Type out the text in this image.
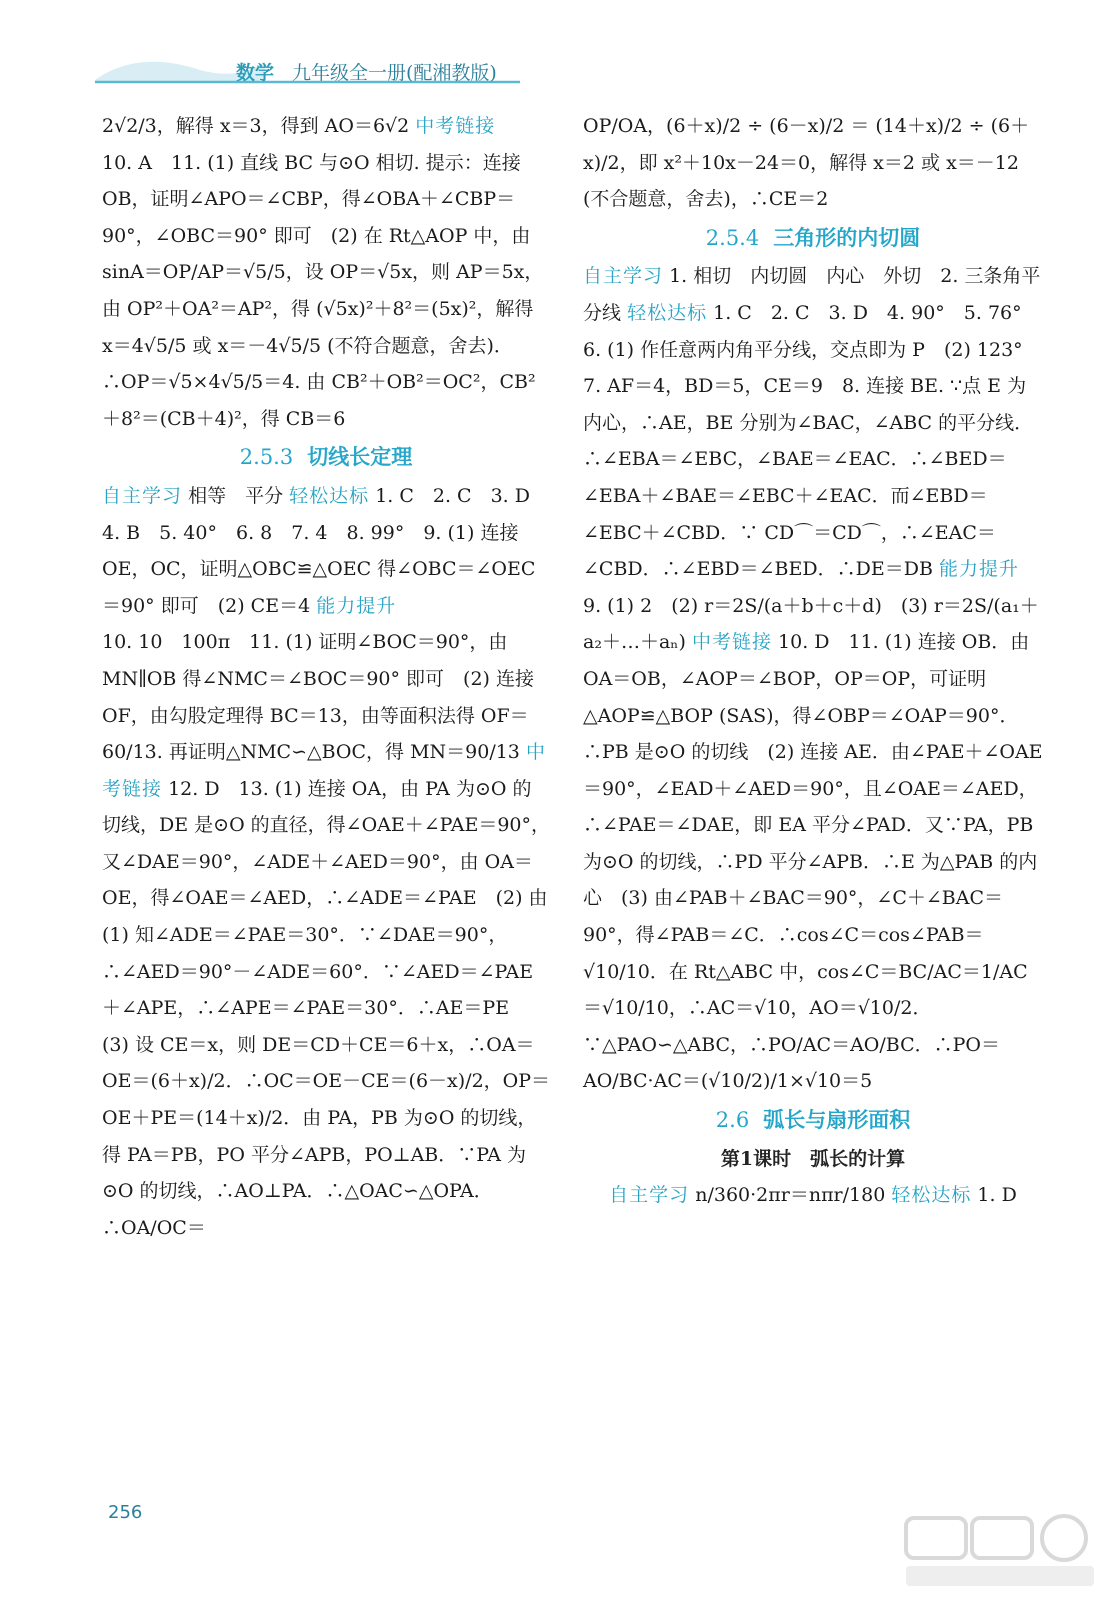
数学 九年级全一册(配湘教版)

2√2/3，解得 x＝3，得到 AO＝6√2 中考链接

10. A　11. (1) 直线 BC 与⊙O 相切. 提示：连接 OB，证明∠APO＝∠CBP，得∠OBA＋∠CBP＝90°，∠OBC＝90° 即可　(2) 在 Rt△AOP 中，由 sinA＝OP/AP＝√5/5，设 OP＝√5x，则 AP＝5x，由 OP²＋OA²＝AP²，得 (√5x)²＋8²＝(5x)²，解得 x＝4√5/5 或 x＝－4√5/5 (不符合题意，舍去)．∴OP＝√5×4√5/5＝4. 由 CB²＋OB²＝OC²，CB²＋8²＝(CB＋4)²，得 CB＝6

2.5.3 切线长定理

自主学习 相等　平分 轻松达标 1. C　2. C　3. D　4. B　5. 40°　6. 8　7. 4　8. 99°　9. (1) 连接 OE，OC，证明△OBC≌△OEC 得∠OBC＝∠OEC＝90° 即可　(2) CE＝4 能力提升

10. 10　100π　11. (1) 证明∠BOC＝90°，由 MN∥OB 得∠NMC＝∠BOC＝90° 即可　(2) 连接 OF，由勾股定理得 BC＝13，由等面积法得 OF＝60/13. 再证明△NMC∽△BOC，得 MN＝90/13 中考链接 12. D　13. (1) 连接 OA，由 PA 为⊙O 的切线，DE 是⊙O 的直径，得∠OAE＋∠PAE＝90°，又∠DAE＝90°，∠ADE＋∠AED＝90°，由 OA＝OE，得∠OAE＝∠AED，∴∠ADE＝∠PAE　(2) 由 (1) 知∠ADE＝∠PAE＝30°．∵∠DAE＝90°，∴∠AED＝90°－∠ADE＝60°．∵∠AED＝∠PAE＋∠APE，∴∠APE＝∠PAE＝30°．∴AE＝PE　(3) 设 CE＝x，则 DE＝CD＋CE＝6＋x，∴OA＝OE＝(6＋x)/2．∴OC＝OE－CE＝(6－x)/2，OP＝OE＋PE＝(14＋x)/2．由 PA，PB 为⊙O 的切线，得 PA＝PB，PO 平分∠APB，PO⊥AB．∵PA 为⊙O 的切线，∴AO⊥PA．∴△OAC∽△OPA．∴OA/OC＝

OP/OA，(6＋x)/2 ÷ (6－x)/2 ＝ (14＋x)/2 ÷ (6＋x)/2，即 x²＋10x－24＝0，解得 x＝2 或 x＝－12 (不合题意，舍去)，∴CE＝2

2.5.4 三角形的内切圆

自主学习 1. 相切　内切圆　内心　外切　2. 三条角平分线 轻松达标 1. C　2. C　3. D　4. 90°　5. 76°　6. (1) 作任意两内角平分线，交点即为 P　(2) 123°　7. AF＝4，BD＝5，CE＝9　8. 连接 BE. ∵点 E 为内心，∴AE，BE 分别为∠BAC，∠ABC 的平分线．∴∠EBA＝∠EBC，∠BAE＝∠EAC．∴∠BED＝∠EBA＋∠BAE＝∠EBC＋∠EAC．而∠EBD＝∠EBC＋∠CBD．∵ CD⌒＝CD⌒，∴∠EAC＝∠CBD．∴∠EBD＝∠BED．∴DE＝DB 能力提升

9. (1) 2　(2) r＝2S/(a＋b＋c＋d)　(3) r＝2S/(a₁＋a₂＋…＋aₙ) 中考链接 10. D　11. (1) 连接 OB．由 OA＝OB，∠AOP＝∠BOP，OP＝OP，可证明△AOP≌△BOP (SAS)，得∠OBP＝∠OAP＝90°．∴PB 是⊙O 的切线　(2) 连接 AE．由∠PAE＋∠OAE＝90°，∠EAD＋∠AED＝90°，且∠OAE＝∠AED，∴∠PAE＝∠DAE，即 EA 平分∠PAD．又∵PA，PB 为⊙O 的切线，∴PD 平分∠APB．∴E 为△PAB 的内心　(3) 由∠PAB＋∠BAC＝90°，∠C＋∠BAC＝90°，得∠PAB＝∠C．∴cos∠C＝cos∠PAB＝√10/10．在 Rt△ABC 中，cos∠C＝BC/AC＝1/AC＝√10/10，∴AC＝√10，AO＝√10/2．∵△PAO∽△ABC，∴PO/AC＝AO/BC．∴PO＝AO/BC·AC＝(√10/2)/1×√10＝5

2.6 弧长与扇形面积

第1课时　弧长的计算

自主学习 n/360·2πr＝nπr/180 轻松达标 1. D

256
